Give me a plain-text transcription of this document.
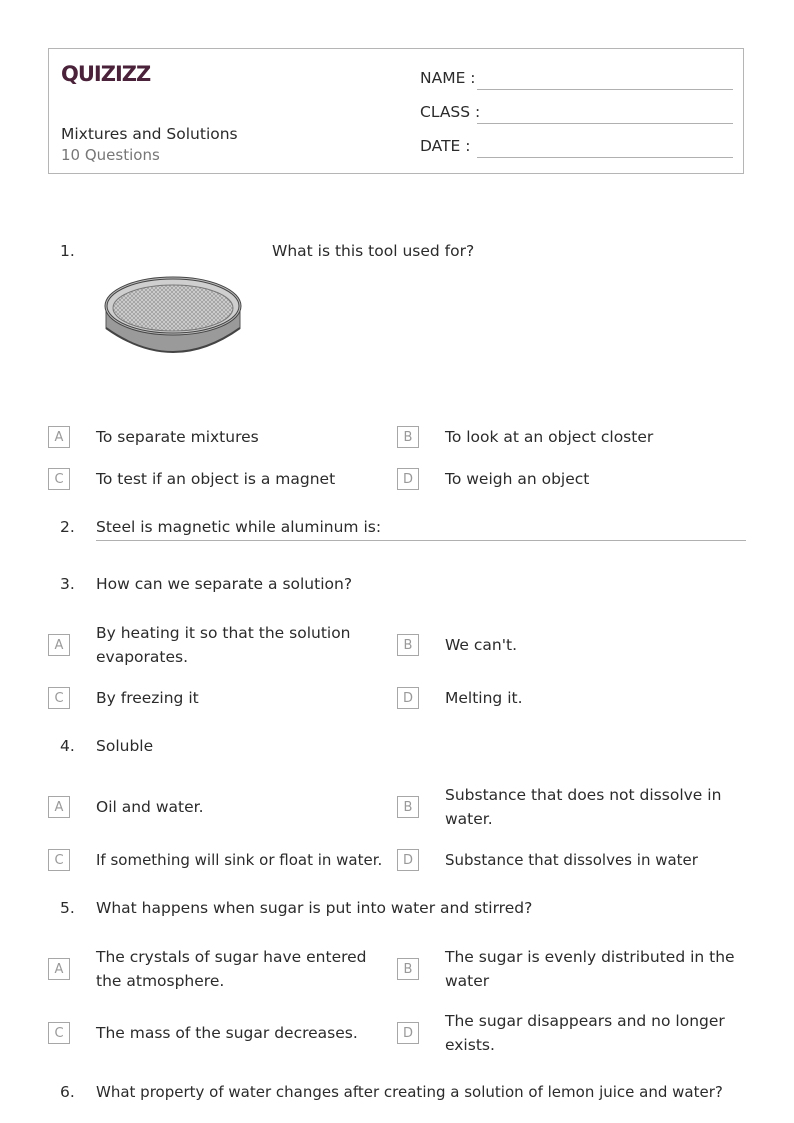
QUIZIZZ
Mixtures and Solutions
10 Questions
NAME :
CLASS :
DATE :
1.	What is this tool used for?
A	To separate mixtures	B	To look at an object closter
C	To test if an object is a magnet	D	To weigh an object
2. Steel is magnetic while aluminum is:
3. How can we separate a solution?
A
By heating it so that the solution evaporates.
B	We can't.
C	By freezing it	D	Melting it.
4. Soluble
A	Oil and water.	B
Substance that does not dissolve in water.
C	If something will sink or float in water.	D	Substance that dissolves in water
5. What happens when sugar is put into water and stirred?
A
The crystals of sugar have entered the atmosphere.
B
The sugar is evenly distributed in the water
C	The mass of the sugar decreases.	D
The sugar disappears and no longer exists.
6. What property of water changes after creating a solution of lemon juice and water?
